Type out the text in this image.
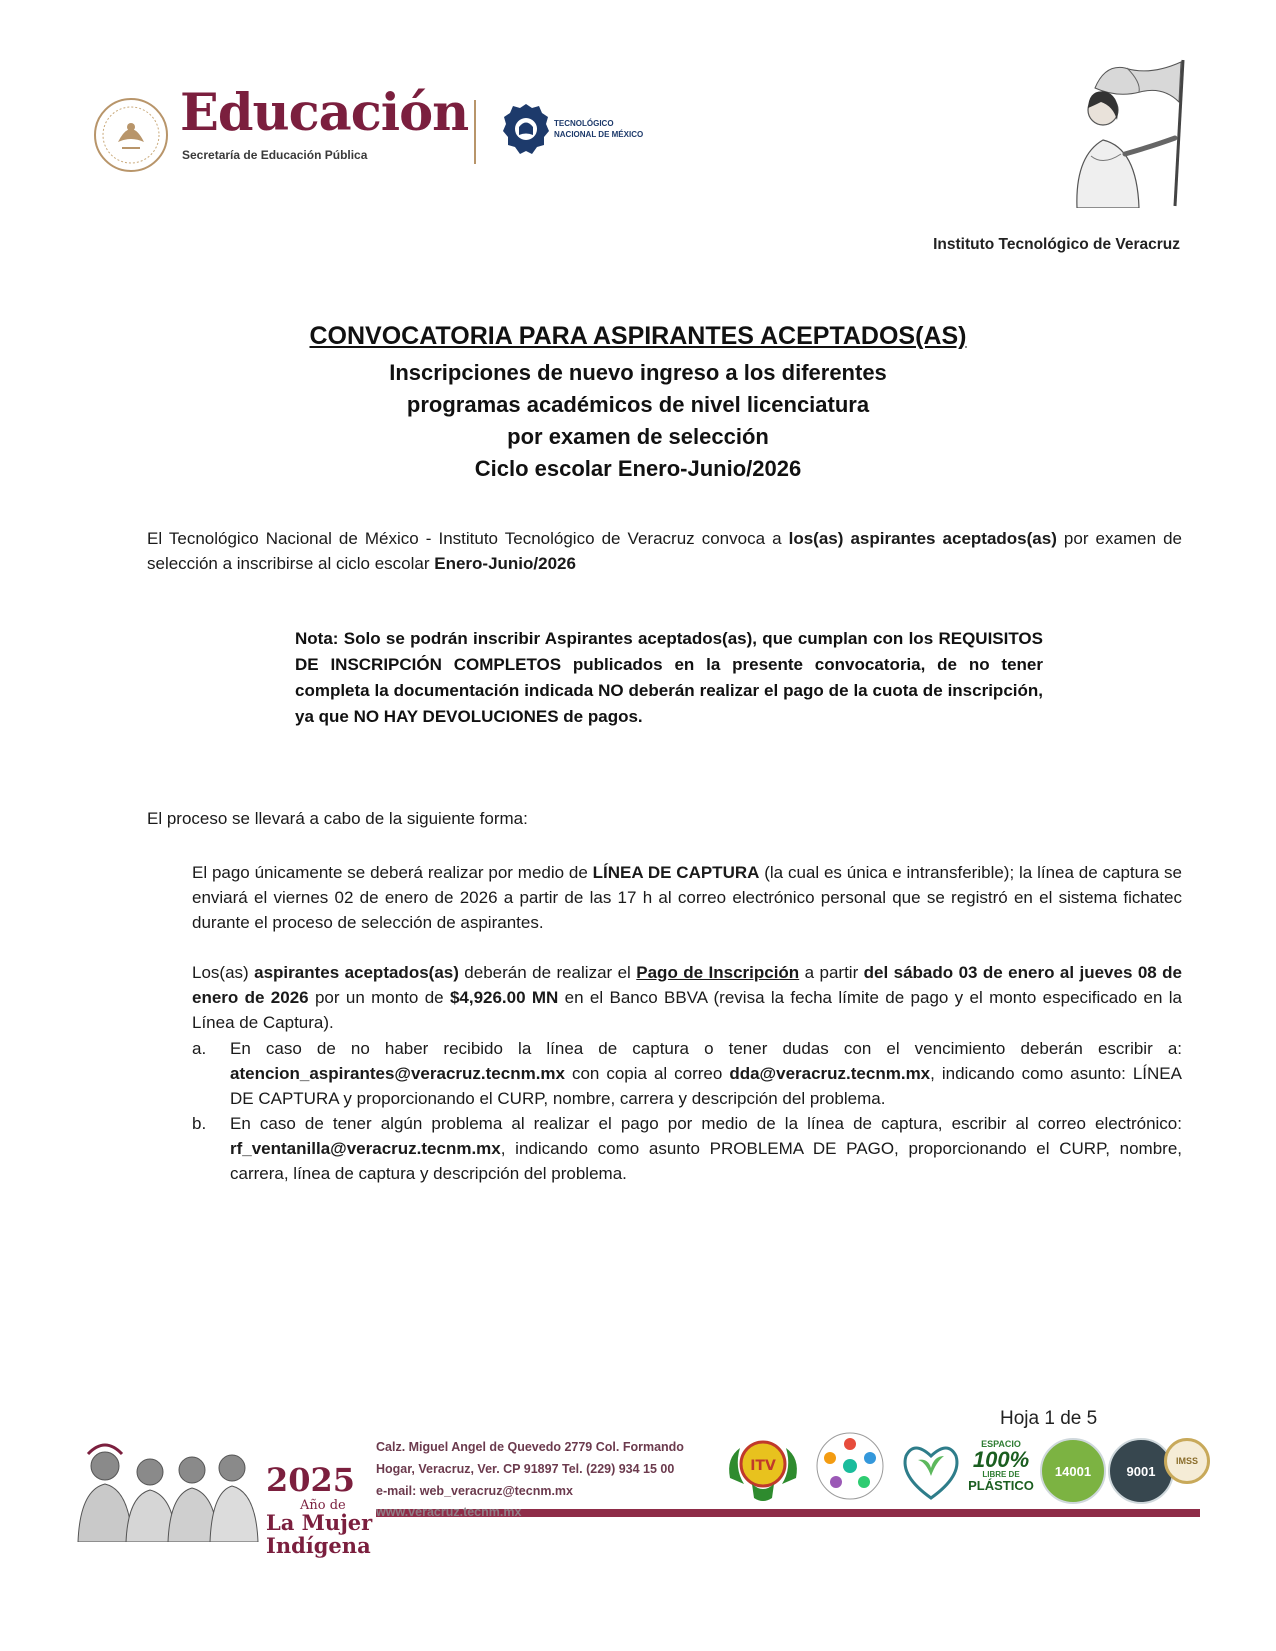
Educación
Secretaría de Educación Pública
TECNOLÓGICO
NACIONAL DE MÉXICO
Instituto Tecnológico de Veracruz
CONVOCATORIA PARA ASPIRANTES ACEPTADOS(AS)
Inscripciones de nuevo ingreso a los diferentes
programas académicos de nivel licenciatura
por examen de selección
Ciclo escolar Enero-Junio/2026
El Tecnológico Nacional de México - Instituto Tecnológico de Veracruz convoca a los(as) aspirantes aceptados(as) por examen de selección a inscribirse al ciclo escolar Enero-Junio/2026
Nota: Solo se podrán inscribir Aspirantes aceptados(as), que cumplan con los REQUISITOS DE INSCRIPCIÓN COMPLETOS publicados en la presente convocatoria, de no tener completa la documentación indicada NO deberán realizar el pago de la cuota de inscripción, ya que NO HAY DEVOLUCIONES de pagos.
El proceso se llevará a cabo de la siguiente forma:
El pago únicamente se deberá realizar por medio de LÍNEA DE CAPTURA (la cual es única e intransferible); la línea de captura se enviará el viernes 02 de enero de 2026 a partir de las 17 h al correo electrónico personal que se registró en el sistema fichatec durante el proceso de selección de aspirantes.
Los(as) aspirantes aceptados(as) deberán de realizar el Pago de Inscripción a partir del sábado 03 de enero al jueves 08 de enero de 2026 por un monto de $4,926.00 MN en el Banco BBVA (revisa la fecha límite de pago y el monto especificado en la Línea de Captura).
a. En caso de no haber recibido la línea de captura o tener dudas con el vencimiento deberán escribir a: atencion_aspirantes@veracruz.tecnm.mx con copia al correo dda@veracruz.tecnm.mx, indicando como asunto: LÍNEA DE CAPTURA y proporcionando el CURP, nombre, carrera y descripción del problema.
b. En caso de tener algún problema al realizar el pago por medio de la línea de captura, escribir al correo electrónico: rf_ventanilla@veracruz.tecnm.mx, indicando como asunto PROBLEMA DE PAGO, proporcionando el CURP, nombre, carrera, línea de captura y descripción del problema.
Hoja 1 de 5
2025
Año de
La Mujer
Indígena
Calz. Miguel Angel de Quevedo 2779 Col. Formando
Hogar, Veracruz, Ver. CP 91897 Tel. (229) 934 15 00
e-mail: web_veracruz@tecnm.mx
www.veracruz.tecnm.mx
ITV
ESPACIO
100%
LIBRE DE
PLÁSTICO
14001	9001
IMSS
